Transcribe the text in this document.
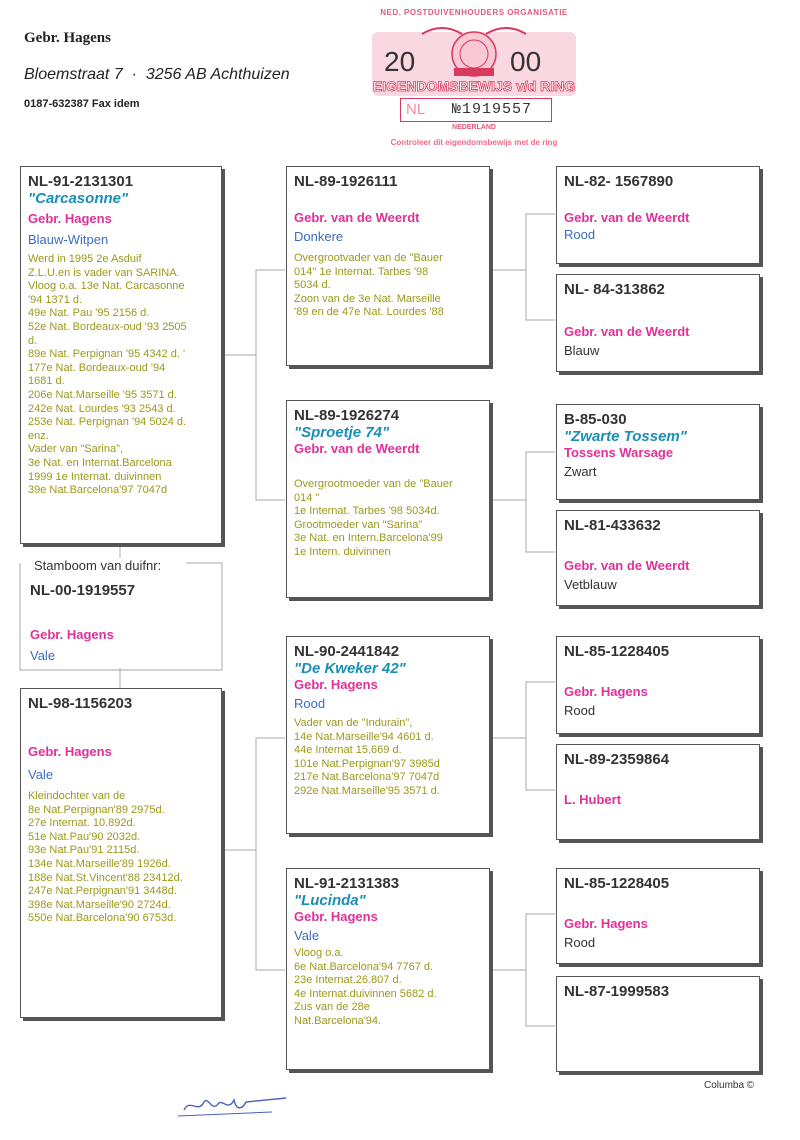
Gebr. Hagens
Bloemstraat 7  ·  3256 AB Achthuizen
0187-632387 Fax idem
NED. POSTDUIVENHOUDERS ORGANISATIE
20	00
EIGENDOMSBEWIJS v/d RING
NL №1919557
NEDERLAND
Controleer dit eigendomsbewijs met de ring
Stamboom van duifnr:
NL-00-1919557
Gebr. Hagens
Vale
NL-91-2131301
"Carcasonne"
Gebr. Hagens
Blauw-Witpen
Werd in 1995 2e Asduif
Z.L.U.en is vader van SARINA.
Vloog o.a. 13e Nat. Carcasonne
'94 1371 d.
49e Nat. Pau '95 2156 d.
52e Nat. Bordeaux-oud '93 2505
d.
89e Nat. Perpignan '95 4342 d. '
177e Nat. Bordeaux-oud '94
1681 d.
206e Nat.Marseille '95 3571 d.
242e Nat. Lourdes '93 2543 d.
253e Nat. Perpignan '94 5024 d.
enz.
Vader van "Sarina",
3e Nat. en Internat.Barcelona
1999 1e Internat. duivinnen
39e Nat.Barcelona'97 7047d
NL-98-1156203
Gebr. Hagens
Vale
Kleindochter van de
8e Nat.Perpignan'89 2975d.
27e Internat. 10.892d.
51e Nat.Pau'90 2032d.
93e Nat.Pau'91 2115d.
134e Nat.Marseille'89 1926d.
188e Nat.St.Vincent'88 23412d.
247e Nat.Perpignan'91 3448d.
398e Nat.Marseille'90 2724d.
550e Nat.Barcelona'90 6753d.
NL-89-1926111
Gebr. van de Weerdt
Donkere
Overgrootvader van de "Bauer
014" 1e Internat. Tarbes '98
5034 d.
Zoon van de 3e Nat. Marseille
'89 en de 47e Nat. Lourdes '88
NL-89-1926274
"Sproetje 74"
Gebr. van de Weerdt
Overgrootmoeder van de "Bauer
014 "
1e Internat. Tarbes '98 5034d.
Grootmoeder van "Sarina"
3e Nat. en Intern.Barcelona'99
1e Intern. duivinnen
NL-90-2441842
"De Kweker 42"
Gebr. Hagens
Rood
Vader van de "Indurain",
14e Nat.Marseille'94 4601 d.
44e Internat 15.669 d.
101e Nat.Perpignan'97 3985d
217e Nat.Barcelona'97 7047d
292e Nat.Marseille'95 3571 d.
NL-91-2131383
"Lucinda"
Gebr. Hagens
Vale
Vloog o.a.
6e Nat.Barcelona'94 7767 d.
23e Internat.26.807 d.
4e Internat.duivinnen 5682 d.
Zus van de 28e
Nat.Barcelona'94.
NL-82- 1567890
Gebr. van de Weerdt
Rood
NL- 84-313862
Gebr. van de Weerdt
Blauw
B-85-030
"Zwarte Tossem"
Tossens Warsage
Zwart
NL-81-433632
Gebr. van de Weerdt
Vetblauw
NL-85-1228405
Gebr. Hagens
Rood
NL-89-2359864
L. Hubert
NL-85-1228405
Gebr. Hagens
Rood
NL-87-1999583
Columba ©
